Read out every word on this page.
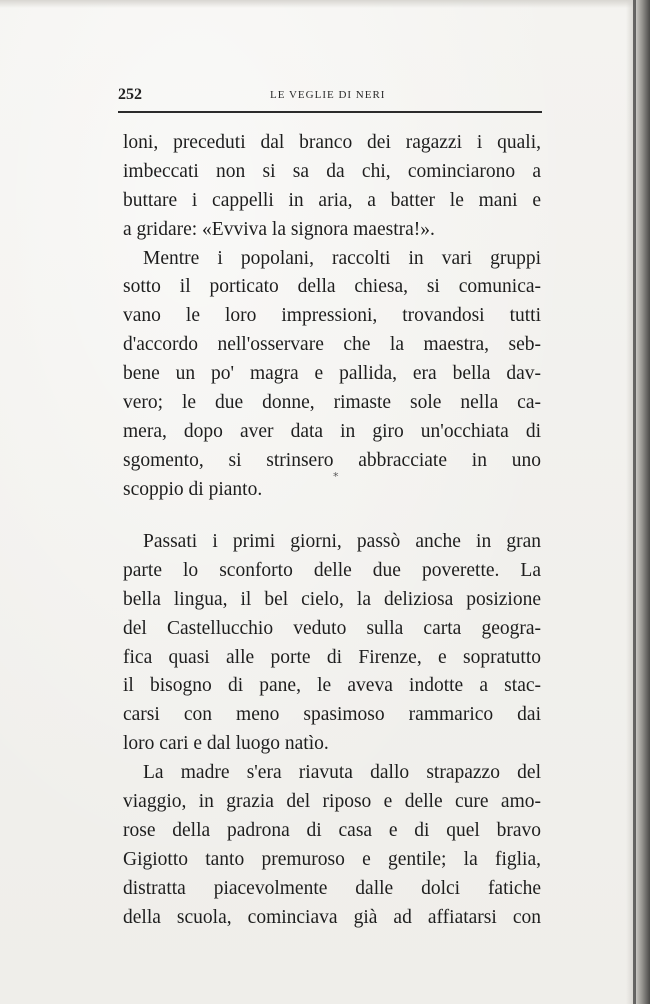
252	LE VEGLIE DI NERI
loni, preceduti dal branco dei ragazzi i quali,
imbeccati non si sa da chi, cominciarono a
buttare i cappelli in aria, a batter le mani e
a gridare: «Evviva la signora maestra!».
Mentre i popolani, raccolti in vari gruppi
sotto il porticato della chiesa, si comunica-
vano le loro impressioni, trovandosi tutti
d'accordo nell'osservare che la maestra, seb-
bene un po' magra e pallida, era bella dav-
vero; le due donne, rimaste sole nella ca-
mera, dopo aver data in giro un'occhiata di
sgomento, si strinsero abbracciate in uno
scoppio di pianto.
*
Passati i primi giorni, passò anche in gran
parte lo sconforto delle due poverette. La
bella lingua, il bel cielo, la deliziosa posizione
del Castellucchio veduto sulla carta geogra-
fica quasi alle porte di Firenze, e sopratutto
il bisogno di pane, le aveva indotte a stac-
carsi con meno spasimoso rammarico dai
loro cari e dal luogo natìo.
La madre s'era riavuta dallo strapazzo del
viaggio, in grazia del riposo e delle cure amo-
rose della padrona di casa e di quel bravo
Gigiotto tanto premuroso e gentile; la figlia,
distratta piacevolmente dalle dolci fatiche
della scuola, cominciava già ad affiatarsi con
